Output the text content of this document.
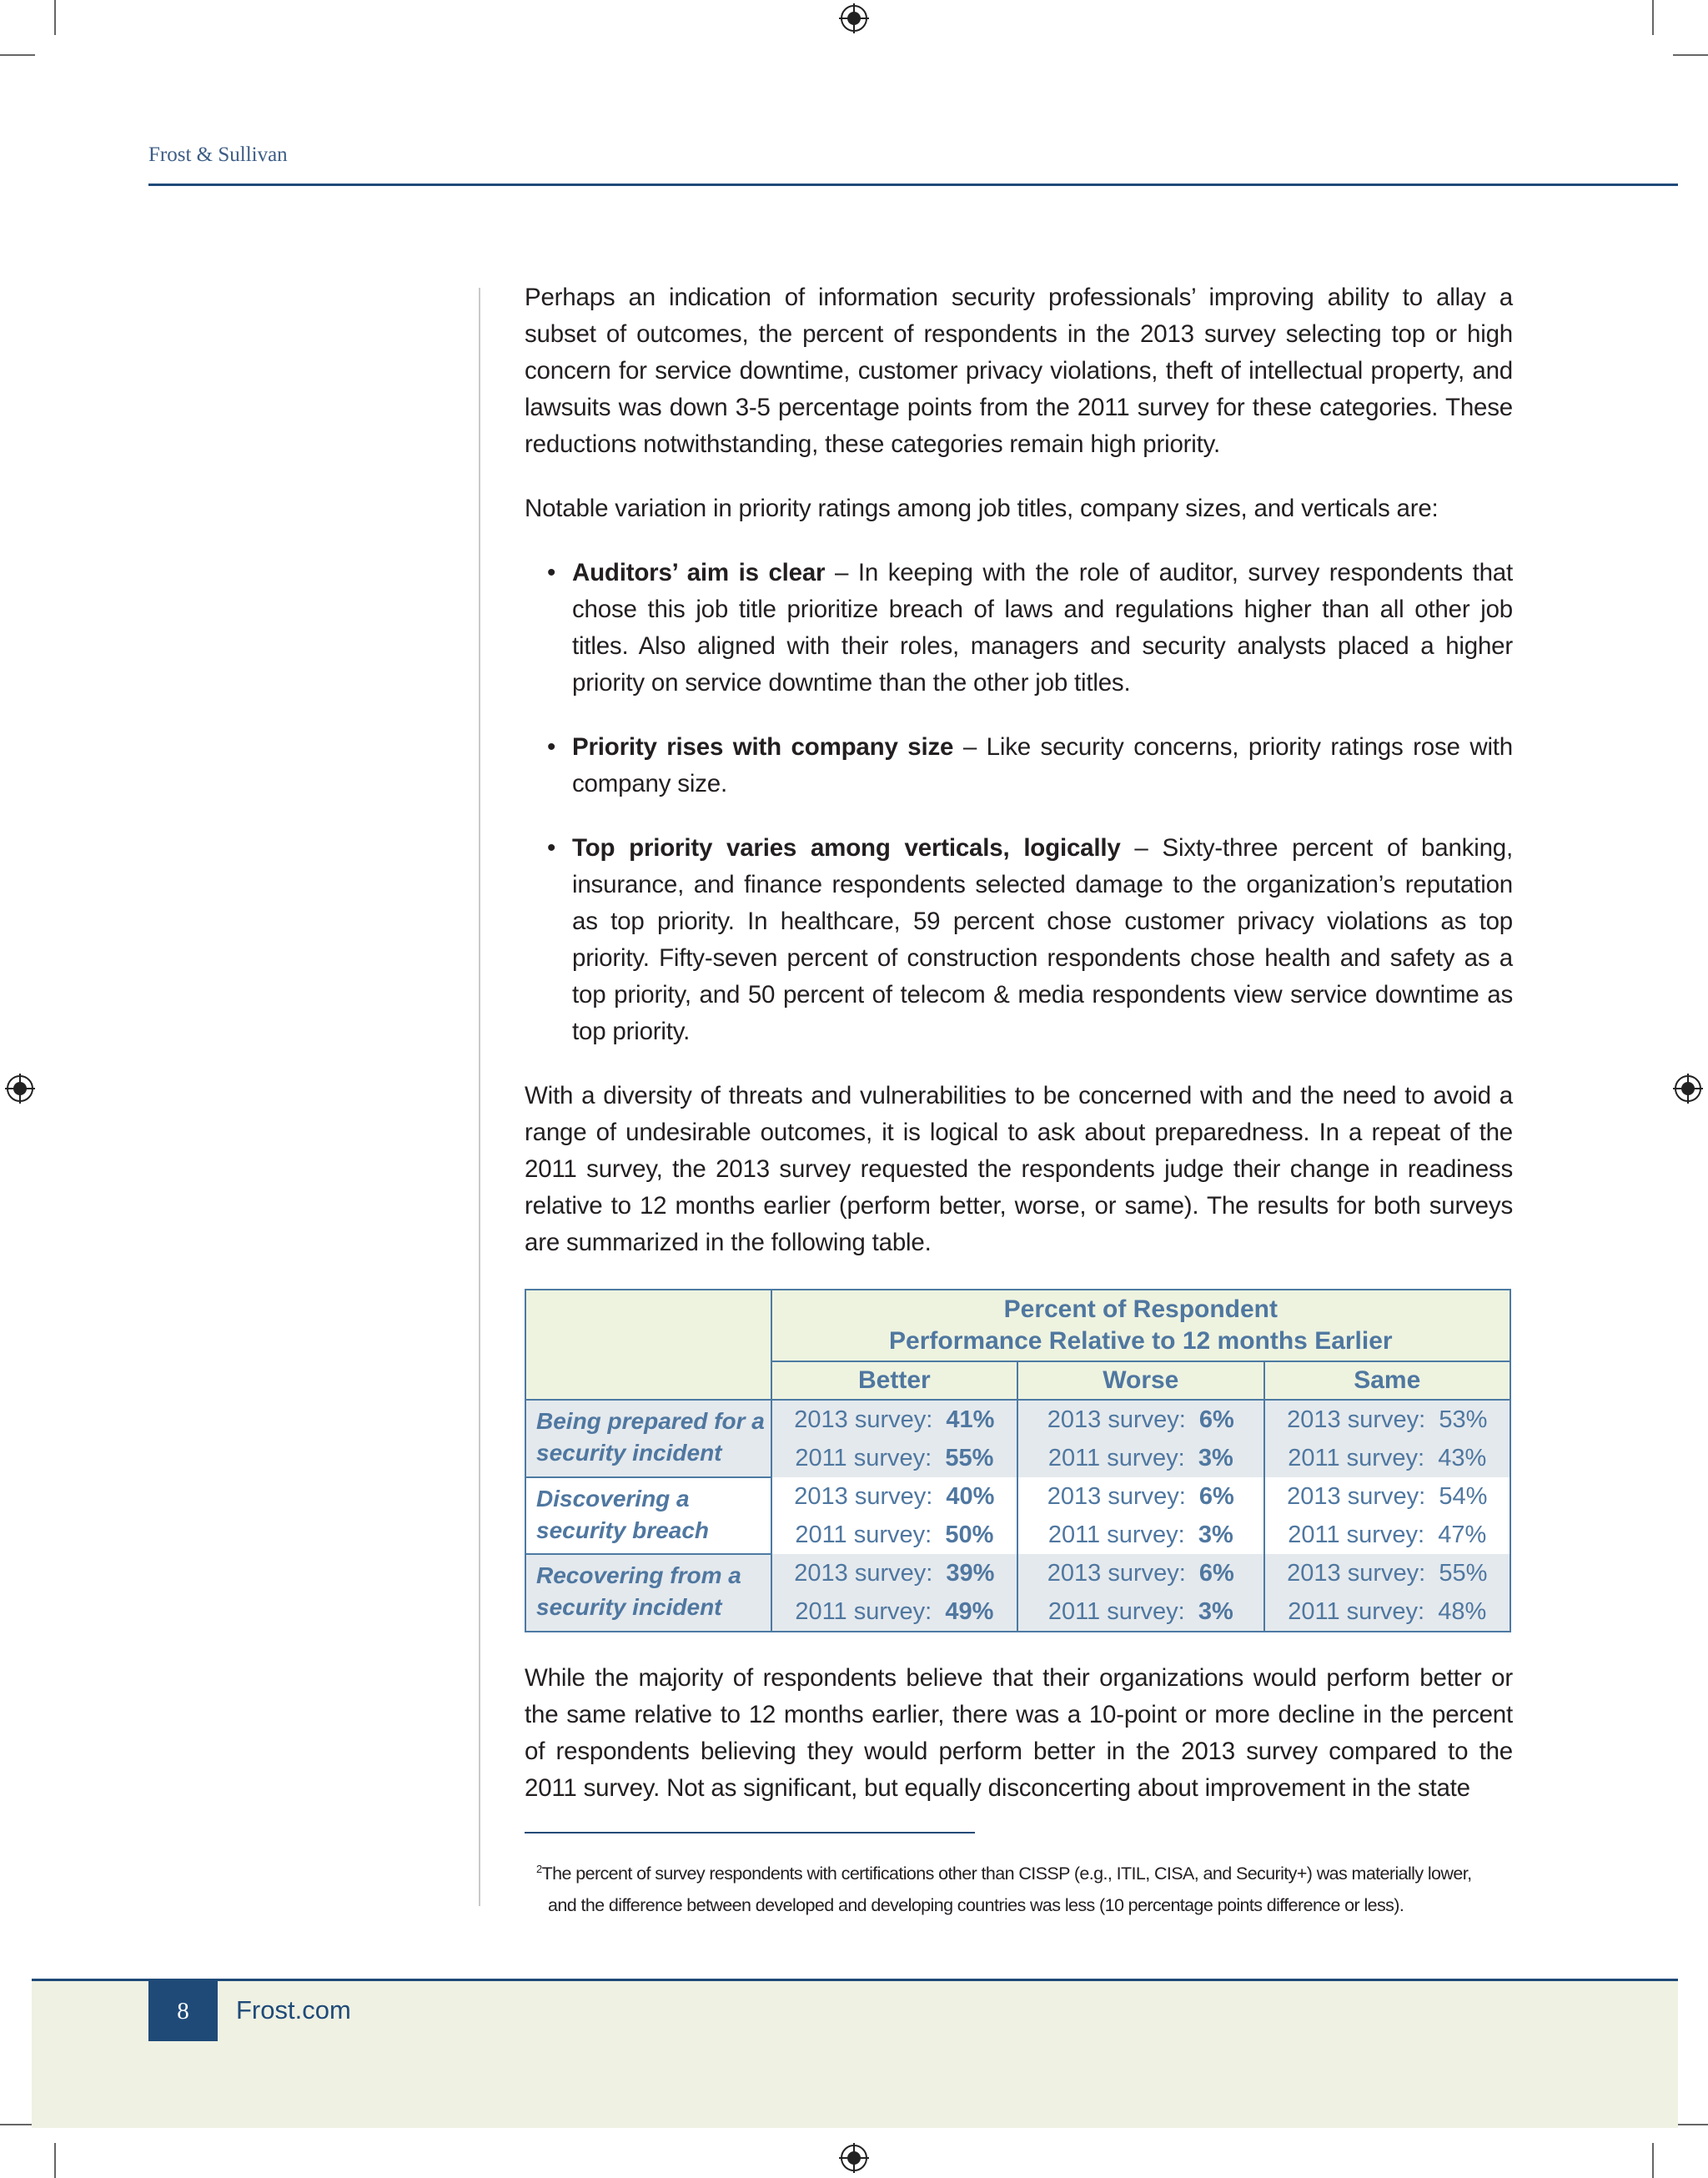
Frost & Sullivan

Perhaps an indication of information security professionals’ improving ability to allay a subset of outcomes, the percent of respondents in the 2013 survey selecting top or high concern for service downtime, customer privacy violations, theft of intellectual property, and lawsuits was down 3-5 percentage points from the 2011 survey for these categories. These reductions notwithstanding, these categories remain high priority.

Notable variation in priority ratings among job titles, company sizes, and verticals are:

• Auditors’ aim is clear – In keeping with the role of auditor, survey respondents that chose this job title prioritize breach of laws and regulations higher than all other job titles. Also aligned with their roles, managers and security analysts placed a higher priority on service downtime than the other job titles.
• Priority rises with company size – Like security concerns, priority ratings rose with company size.
• Top priority varies among verticals, logically – Sixty-three percent of banking, insurance, and finance respondents selected damage to the organization’s reputation as top priority. In healthcare, 59 percent chose customer privacy violations as top priority. Fifty-seven percent of construction respondents chose health and safety as a top priority, and 50 percent of telecom & media respondents view service downtime as top priority.

With a diversity of threats and vulnerabilities to be concerned with and the need to avoid a range of undesirable outcomes, it is logical to ask about preparedness. In a repeat of the 2011 survey, the 2013 survey requested the respondents judge their change in readiness relative to 12 months earlier (perform better, worse, or same). The results for both surveys are summarized in the following table.

	Percent of Respondent
Performance Relative to 12 months Earlier		

	Better	Worse	Same
Being prepared for a security incident	2013 survey: 41%	2013 survey: 6%	2013 survey: 53%
	2011 survey: 55%	2011 survey: 3%	2011 survey: 43%
Discovering a security breach	2013 survey: 40%	2013 survey: 6%	2013 survey: 54%
	2011 survey: 50%	2011 survey: 3%	2011 survey: 47%
Recovering from a security incident	2013 survey: 39%	2013 survey: 6%	2013 survey: 55%
	2011 survey: 49%	2011 survey: 3%	2011 survey: 48%

While the majority of respondents believe that their organizations would perform better or the same relative to 12 months earlier, there was a 10-point or more decline in the percent of respondents believing they would perform better in the 2013 survey compared to the 2011 survey. Not as significant, but equally disconcerting about improvement in the state

$^2$The percent of survey respondents with certifications other than CISSP (e.g., ITIL, CISA, and Security+) was materially lower,
and the difference between developed and developing countries was less (10 percentage points difference or less).
8	Frost.com
